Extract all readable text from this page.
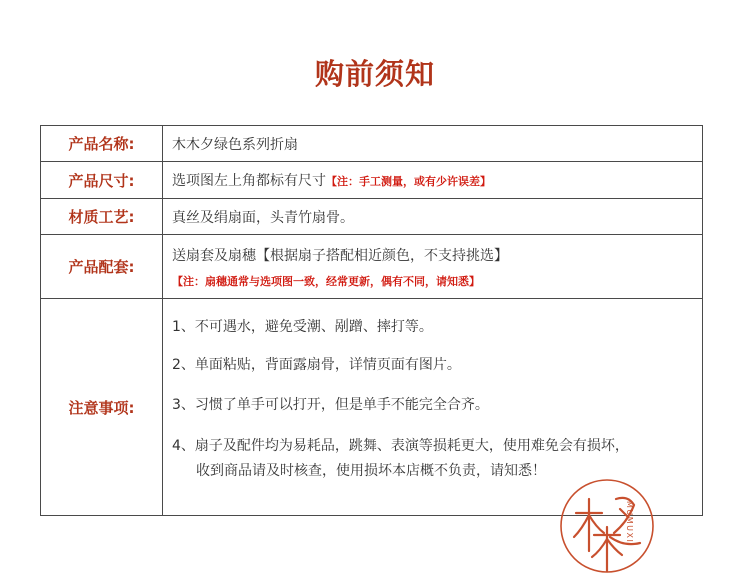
购前须知
产品名称:	木木夕绿色系列折扇
产品尺寸:	选项图左上角都标有尺寸【注：手工测量，或有少许误差】
材质工艺:	真丝及绢扇面，头青竹扇骨。
产品配套:
送扇套及扇穗【根据扇子搭配相近颜色，不支持挑选】
【注：扇穗通常与选项图一致，经常更新，偶有不同，请知悉】
注意事项:
1、不可遇水，避免受潮、剐蹭、摔打等。
2、单面粘贴，背面露扇骨，详情页面有图片。
3、习惯了单手可以打开，但是单手不能完全合齐。
4、扇子及配件均为易耗品，跳舞、表演等损耗更大，使用难免会有损坏，
收到商品请及时核查，使用损坏本店概不负责，请知悉！
MUMUXI
